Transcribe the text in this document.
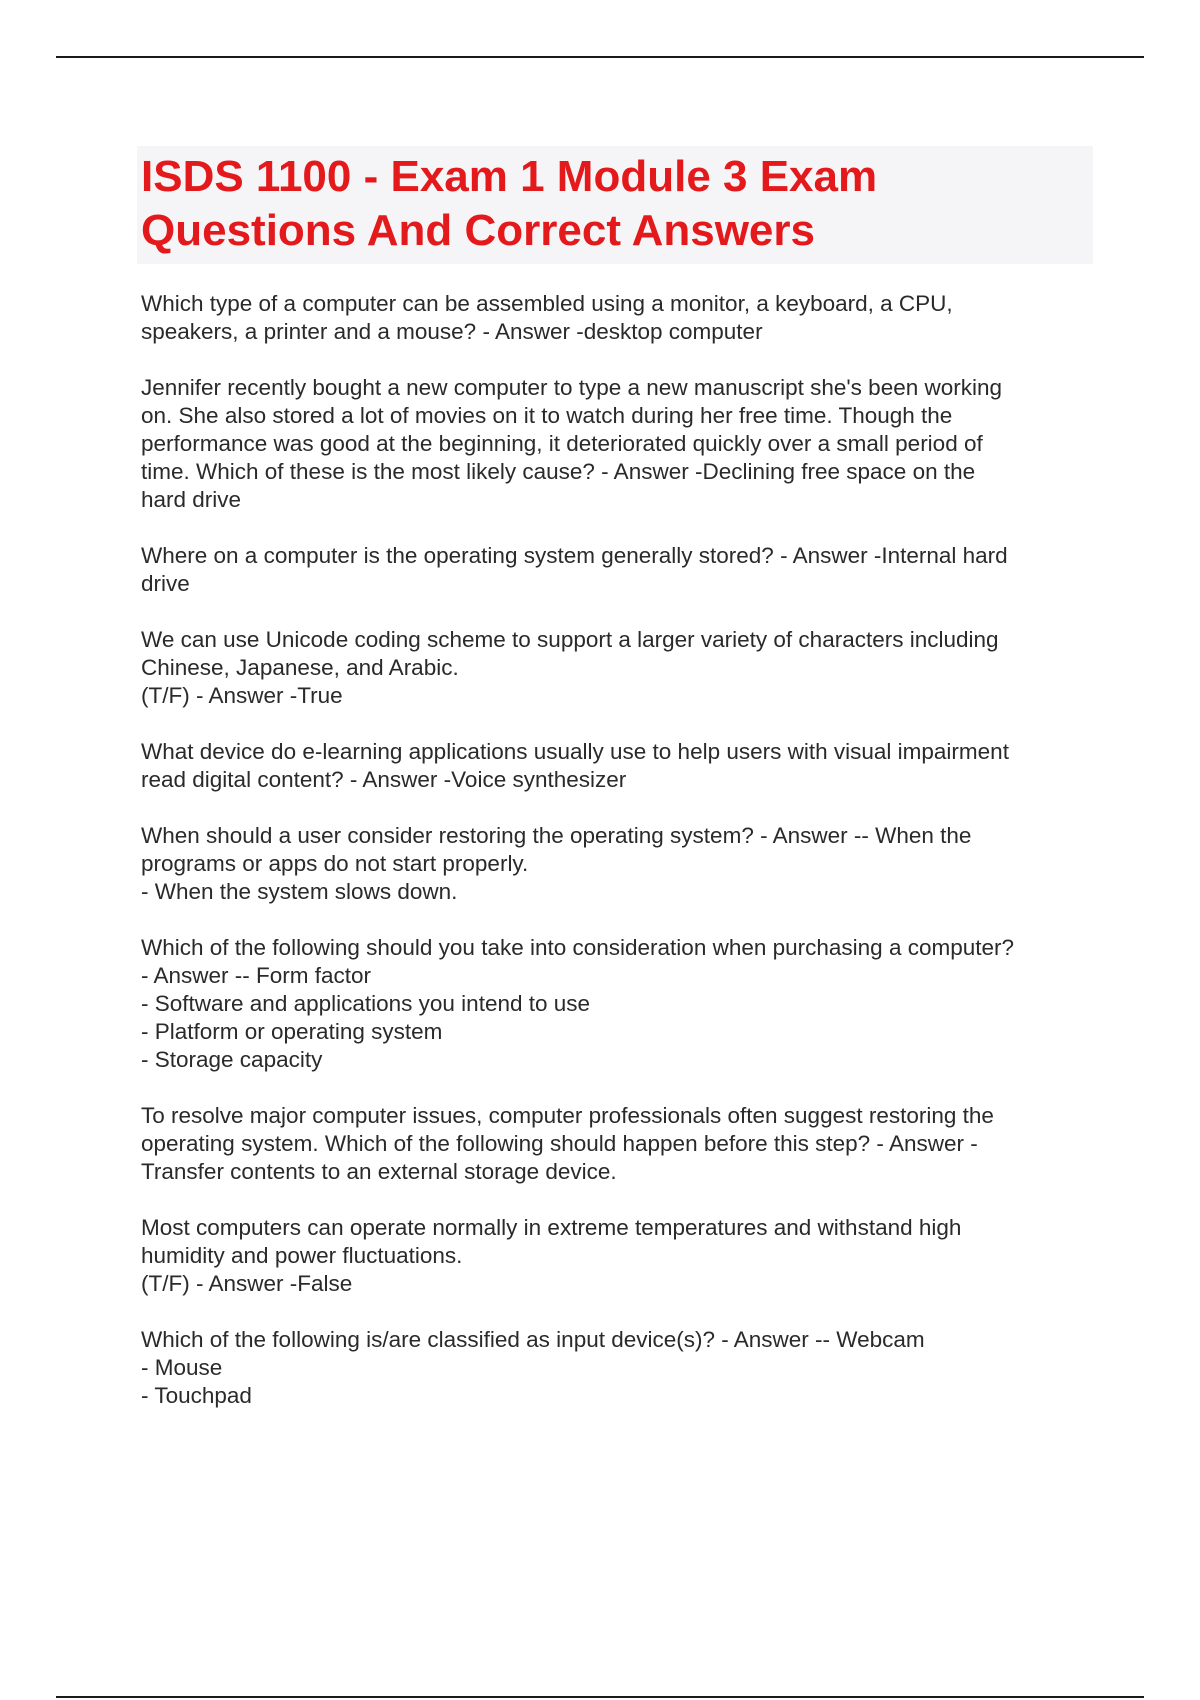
ISDS 1100 - Exam 1 Module 3 Exam
Questions And Correct Answers
Which type of a computer can be assembled using a monitor, a keyboard, a CPU,
speakers, a printer and a mouse? - Answer -desktop computer
Jennifer recently bought a new computer to type a new manuscript she's been working
on. She also stored a lot of movies on it to watch during her free time. Though the
performance was good at the beginning, it deteriorated quickly over a small period of
time. Which of these is the most likely cause? - Answer -Declining free space on the
hard drive
Where on a computer is the operating system generally stored? - Answer -Internal hard
drive
We can use Unicode coding scheme to support a larger variety of characters including
Chinese, Japanese, and Arabic.
(T/F) - Answer -True
What device do e-learning applications usually use to help users with visual impairment
read digital content? - Answer -Voice synthesizer
When should a user consider restoring the operating system? - Answer -- When the
programs or apps do not start properly.
- When the system slows down.
Which of the following should you take into consideration when purchasing a computer?
- Answer -- Form factor
- Software and applications you intend to use
- Platform or operating system
- Storage capacity
To resolve major computer issues, computer professionals often suggest restoring the
operating system. Which of the following should happen before this step? - Answer -
Transfer contents to an external storage device.
Most computers can operate normally in extreme temperatures and withstand high
humidity and power fluctuations.
(T/F) - Answer -False
Which of the following is/are classified as input device(s)? - Answer -- Webcam
- Mouse
- Touchpad
